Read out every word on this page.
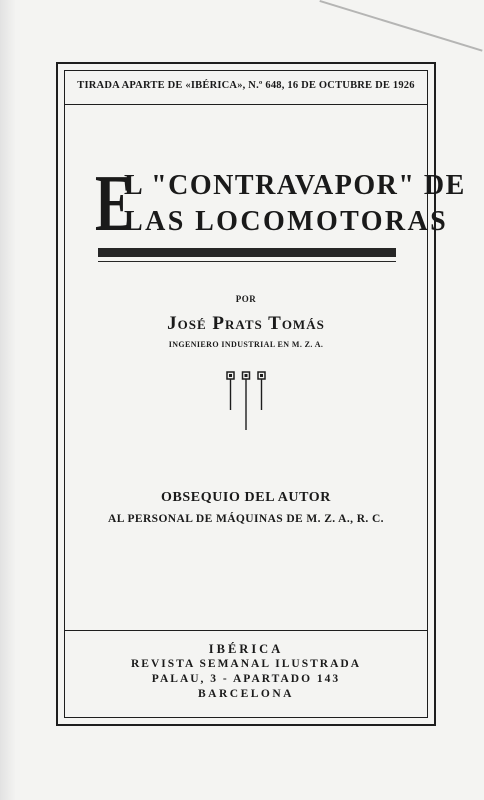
TIRADA APARTE DE «IBÉRICA», N.º 648, 16 DE OCTUBRE DE 1926
E
L "CONTRAVAPOR" DE
LAS LOCOMOTORAS
POR
José Prats Tomás
INGENIERO INDUSTRIAL EN M. Z. A.
OBSEQUIO DEL AUTOR
AL PERSONAL DE MÁQUINAS DE M. Z. A., R. C.
IBÉRICA
REVISTA SEMANAL ILUSTRADA
PALAU, 3 - APARTADO 143
BARCELONA
